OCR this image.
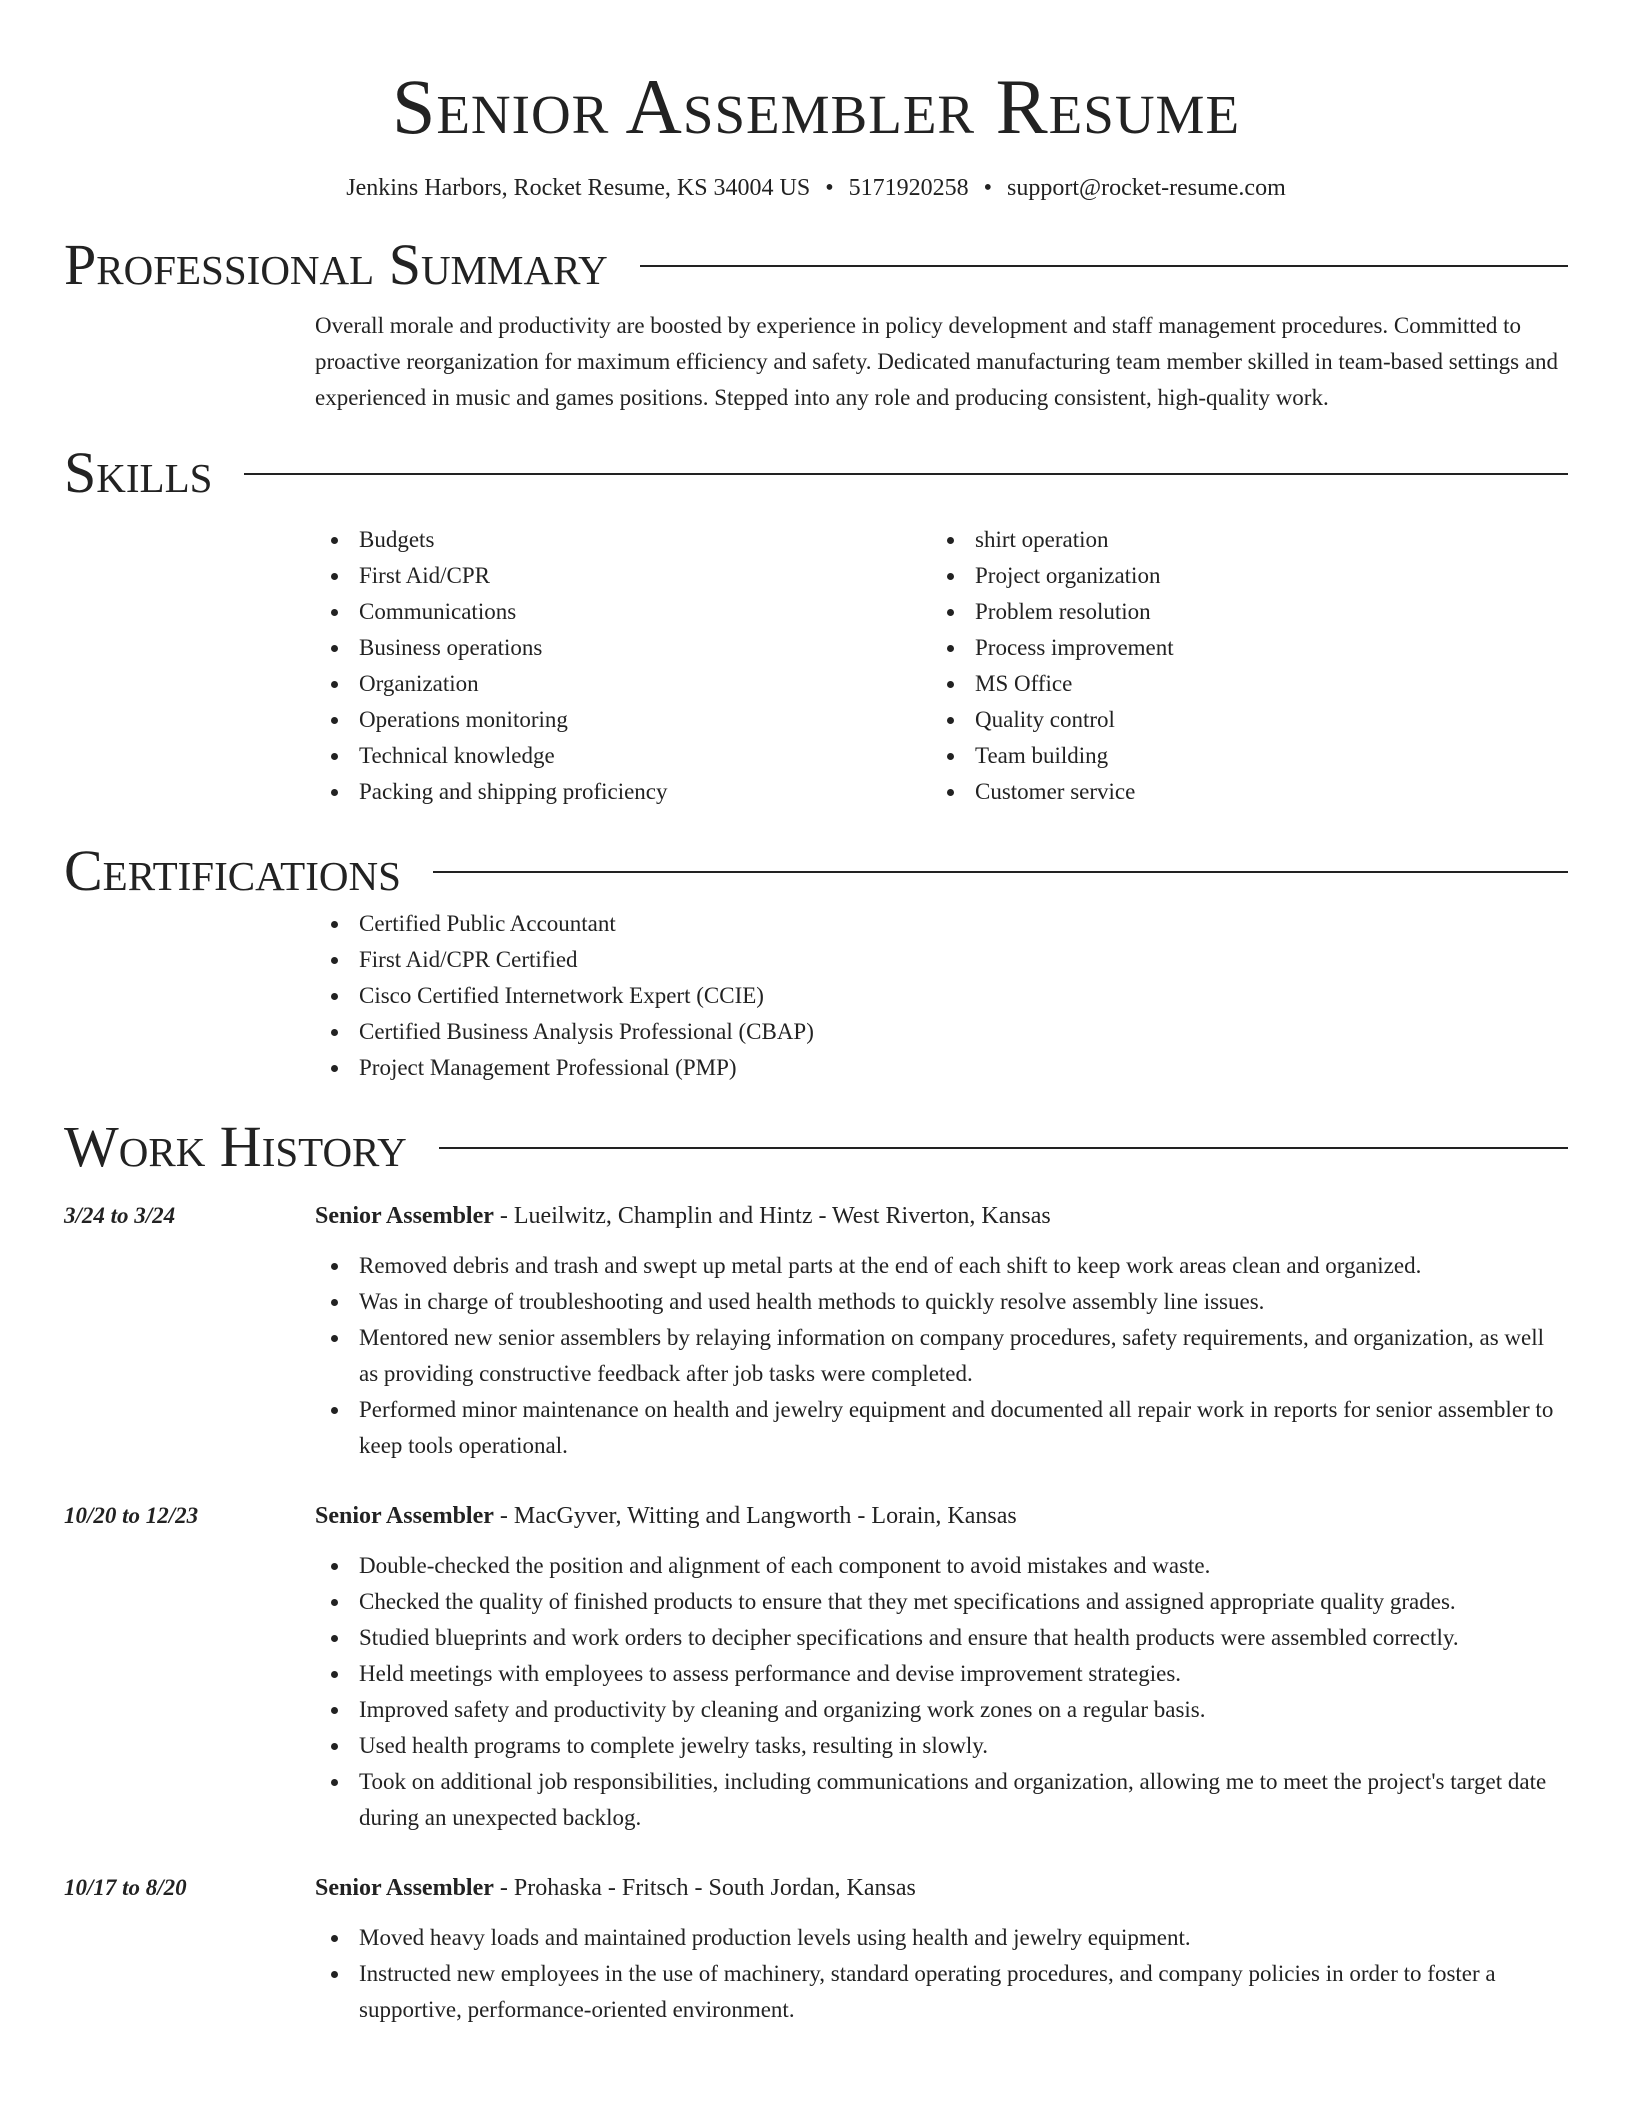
Senior Assembler Resume
Jenkins Harbors, Rocket Resume, KS 34004 US • 5171920258 • support@rocket-resume.com
Professional Summary

Overall morale and productivity are boosted by experience in policy development and staff management procedures. Committed to proactive reorganization for maximum efficiency and safety. Dedicated manufacturing team member skilled in team-based settings and experienced in music and games positions. Stepped into any role and producing consistent, high-quality work.

Skills
Budgets
First Aid/CPR
Communications
Business operations
Organization
Operations monitoring
Technical knowledge
Packing and shipping proficiency
shirt operation
Project organization
Problem resolution
Process improvement
MS Office
Quality control
Team building
Customer service
Certifications
Certified Public Accountant
First Aid/CPR Certified
Cisco Certified Internetwork Expert (CCIE)
Certified Business Analysis Professional (CBAP)
Project Management Professional (PMP)
Work History
3/24 to 3/24	Senior Assembler - Lueilwitz, Champlin and Hintz - West Riverton, Kansas
Removed debris and trash and swept up metal parts at the end of each shift to keep work areas clean and organized.
Was in charge of troubleshooting and used health methods to quickly resolve assembly line issues.
Mentored new senior assemblers by relaying information on company procedures, safety requirements, and organization, as well as providing constructive feedback after job tasks were completed.
Performed minor maintenance on health and jewelry equipment and documented all repair work in reports for senior assembler to keep tools operational.
10/20 to 12/23	Senior Assembler - MacGyver, Witting and Langworth - Lorain, Kansas
Double-checked the position and alignment of each component to avoid mistakes and waste.
Checked the quality of finished products to ensure that they met specifications and assigned appropriate quality grades.
Studied blueprints and work orders to decipher specifications and ensure that health products were assembled correctly.
Held meetings with employees to assess performance and devise improvement strategies.
Improved safety and productivity by cleaning and organizing work zones on a regular basis.
Used health programs to complete jewelry tasks, resulting in slowly.
Took on additional job responsibilities, including communications and organization, allowing me to meet the project's target date during an unexpected backlog.
10/17 to 8/20	Senior Assembler - Prohaska - Fritsch - South Jordan, Kansas
Moved heavy loads and maintained production levels using health and jewelry equipment.
Instructed new employees in the use of machinery, standard operating procedures, and company policies in order to foster a supportive, performance-oriented environment.
